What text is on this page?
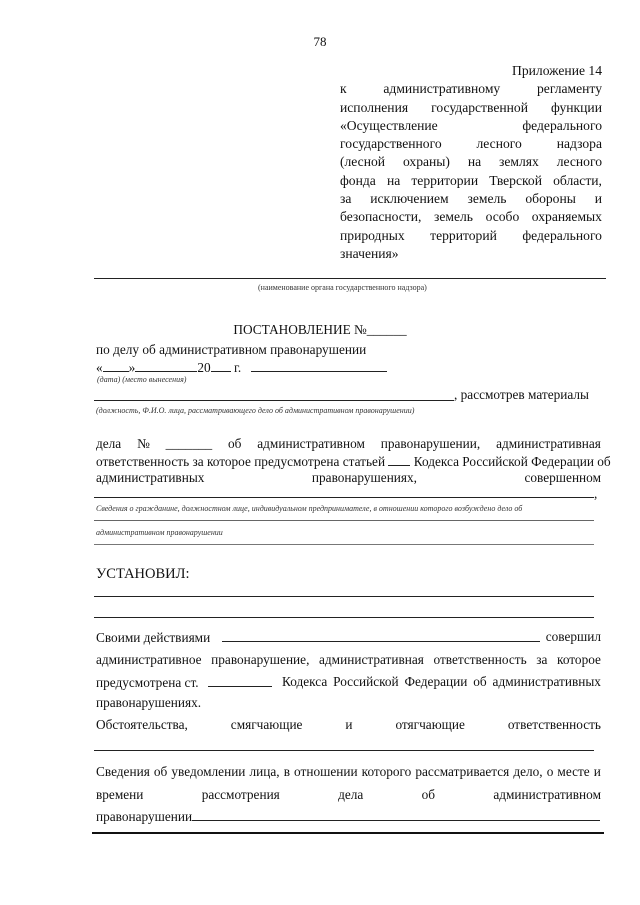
78
Приложение 14
к	административному	регламенту
исполнения государственной функции
«Осуществление	федерального
государственного	лесного	надзора
(лесной охраны) на землях лесного
фонда на территории Тверской области,
за исключением земель обороны и
безопасности, земель особо охраняемых
природных территорий федерального
значения»
(наименование органа государственного надзора)
ПОСТАНОВЛЕНИЕ №______
по делу об административном правонарушении
« »	20 г.
(дата) (место вынесения)
, рассмотрев материалы
(должность, Ф.И.О. лица, рассматривающего дело об административном правонарушении)
дела № _______ об административном правонарушении, административная
ответственность за которое предусмотрена статьей Кодекса Российской Федерации об
административных	правонарушениях,	совершенном
,
Сведения о гражданине, должностном лице, индивидуальном предпринимателе, в отношении которого возбуждено дело об
административном правонарушении
УСТАНОВИЛ:
Своими действиями	совершил
административное правонарушение, административная ответственность за которое
предусмотрена ст.	Кодекса Российской Федерации об административных
правонарушениях.
Обстоятельства,	смягчающие	и	отягчающие	ответственность
Сведения об уведомлении лица, в отношении которого рассматривается дело, о месте и
времени	рассмотрения	дела	об	административном
правонарушении
